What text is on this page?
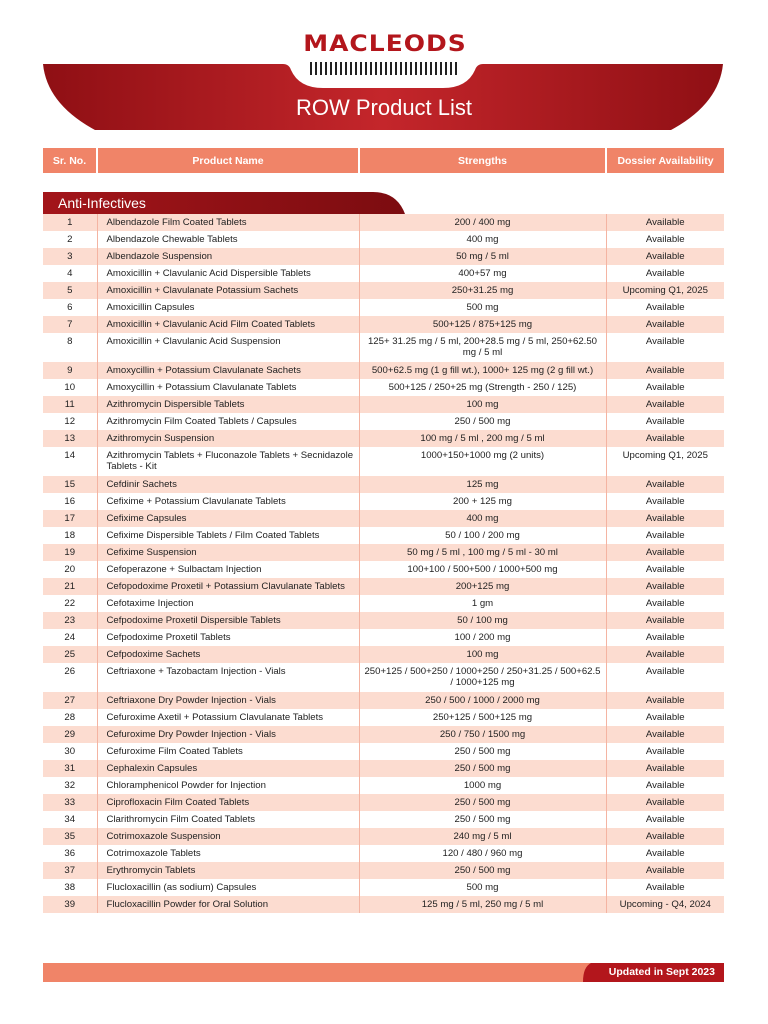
MACLEODS
ROW Product List
Sr. No.	Product Name	Strengths	Dossier Availability
Anti-Infectives
1	Albendazole Film Coated Tablets	200 / 400 mg	Available
2	Albendazole Chewable Tablets	400 mg	Available
3	Albendazole Suspension	50 mg / 5 ml	Available
4	Amoxicillin + Clavulanic Acid Dispersible Tablets	400+57 mg	Available
5	Amoxicillin + Clavulanate Potassium Sachets	250+31.25 mg	Upcoming Q1, 2025
6	Amoxicillin Capsules	500 mg	Available
7	Amoxicillin + Clavulanic Acid Film Coated Tablets	500+125 / 875+125 mg	Available
8	Amoxicillin + Clavulanic Acid Suspension	125+ 31.25 mg / 5 ml, 200+28.5 mg / 5 ml, 250+62.50 mg / 5 ml	Available
9	Amoxycillin + Potassium Clavulanate Sachets	500+62.5 mg (1 g fill wt.), 1000+ 125 mg (2 g fill wt.)	Available
10	Amoxycillin + Potassium Clavulanate Tablets	500+125 / 250+25 mg (Strength - 250 / 125)	Available
11	Azithromycin Dispersible Tablets	100 mg	Available
12	Azithromycin Film Coated Tablets / Capsules	250 / 500 mg	Available
13	Azithromycin Suspension	100 mg / 5 ml , 200 mg / 5 ml	Available
14	Azithromycin Tablets + Fluconazole Tablets + Secnidazole Tablets - Kit	1000+150+1000 mg (2 units)	Upcoming Q1, 2025
15	Cefdinir Sachets	125 mg	Available
16	Cefixime + Potassium Clavulanate Tablets	200 + 125 mg	Available
17	Cefixime Capsules	400 mg	Available
18	Cefixime Dispersible Tablets / Film Coated Tablets	50 / 100 / 200 mg	Available
19	Cefixime Suspension	50 mg / 5 ml , 100 mg / 5 ml - 30 ml	Available
20	Cefoperazone + Sulbactam Injection	100+100 / 500+500 / 1000+500 mg	Available
21	Cefopodoxime Proxetil + Potassium Clavulanate Tablets	200+125 mg	Available
22	Cefotaxime Injection	1 gm	Available
23	Cefpodoxime Proxetil Dispersible Tablets	50 / 100 mg	Available
24	Cefpodoxime Proxetil Tablets	100 / 200 mg	Available
25	Cefpodoxime Sachets	100 mg	Available
26	Ceftriaxone + Tazobactam Injection - Vials	250+125 / 500+250 / 1000+250 / 250+31.25 / 500+62.5 / 1000+125 mg	Available
27	Ceftriaxone Dry Powder Injection - Vials	250 / 500 / 1000 / 2000 mg	Available
28	Cefuroxime Axetil + Potassium Clavulanate Tablets	250+125 / 500+125 mg	Available
29	Cefuroxime Dry Powder Injection - Vials	250 / 750 / 1500 mg	Available
30	Cefuroxime Film Coated Tablets	250 / 500 mg	Available
31	Cephalexin Capsules	250 / 500 mg	Available
32	Chloramphenicol Powder for Injection	1000 mg	Available
33	Ciprofloxacin Film Coated Tablets	250 / 500 mg	Available
34	Clarithromycin Film Coated Tablets	250 / 500 mg	Available
35	Cotrimoxazole Suspension	240 mg / 5 ml	Available
36	Cotrimoxazole Tablets	120 / 480 / 960 mg	Available
37	Erythromycin Tablets	250 / 500 mg	Available
38	Flucloxacillin (as sodium) Capsules	500 mg	Available
39	Flucloxacillin Powder for Oral Solution	125 mg / 5 ml, 250 mg / 5 ml	Upcoming - Q4, 2024
Updated in Sept 2023
